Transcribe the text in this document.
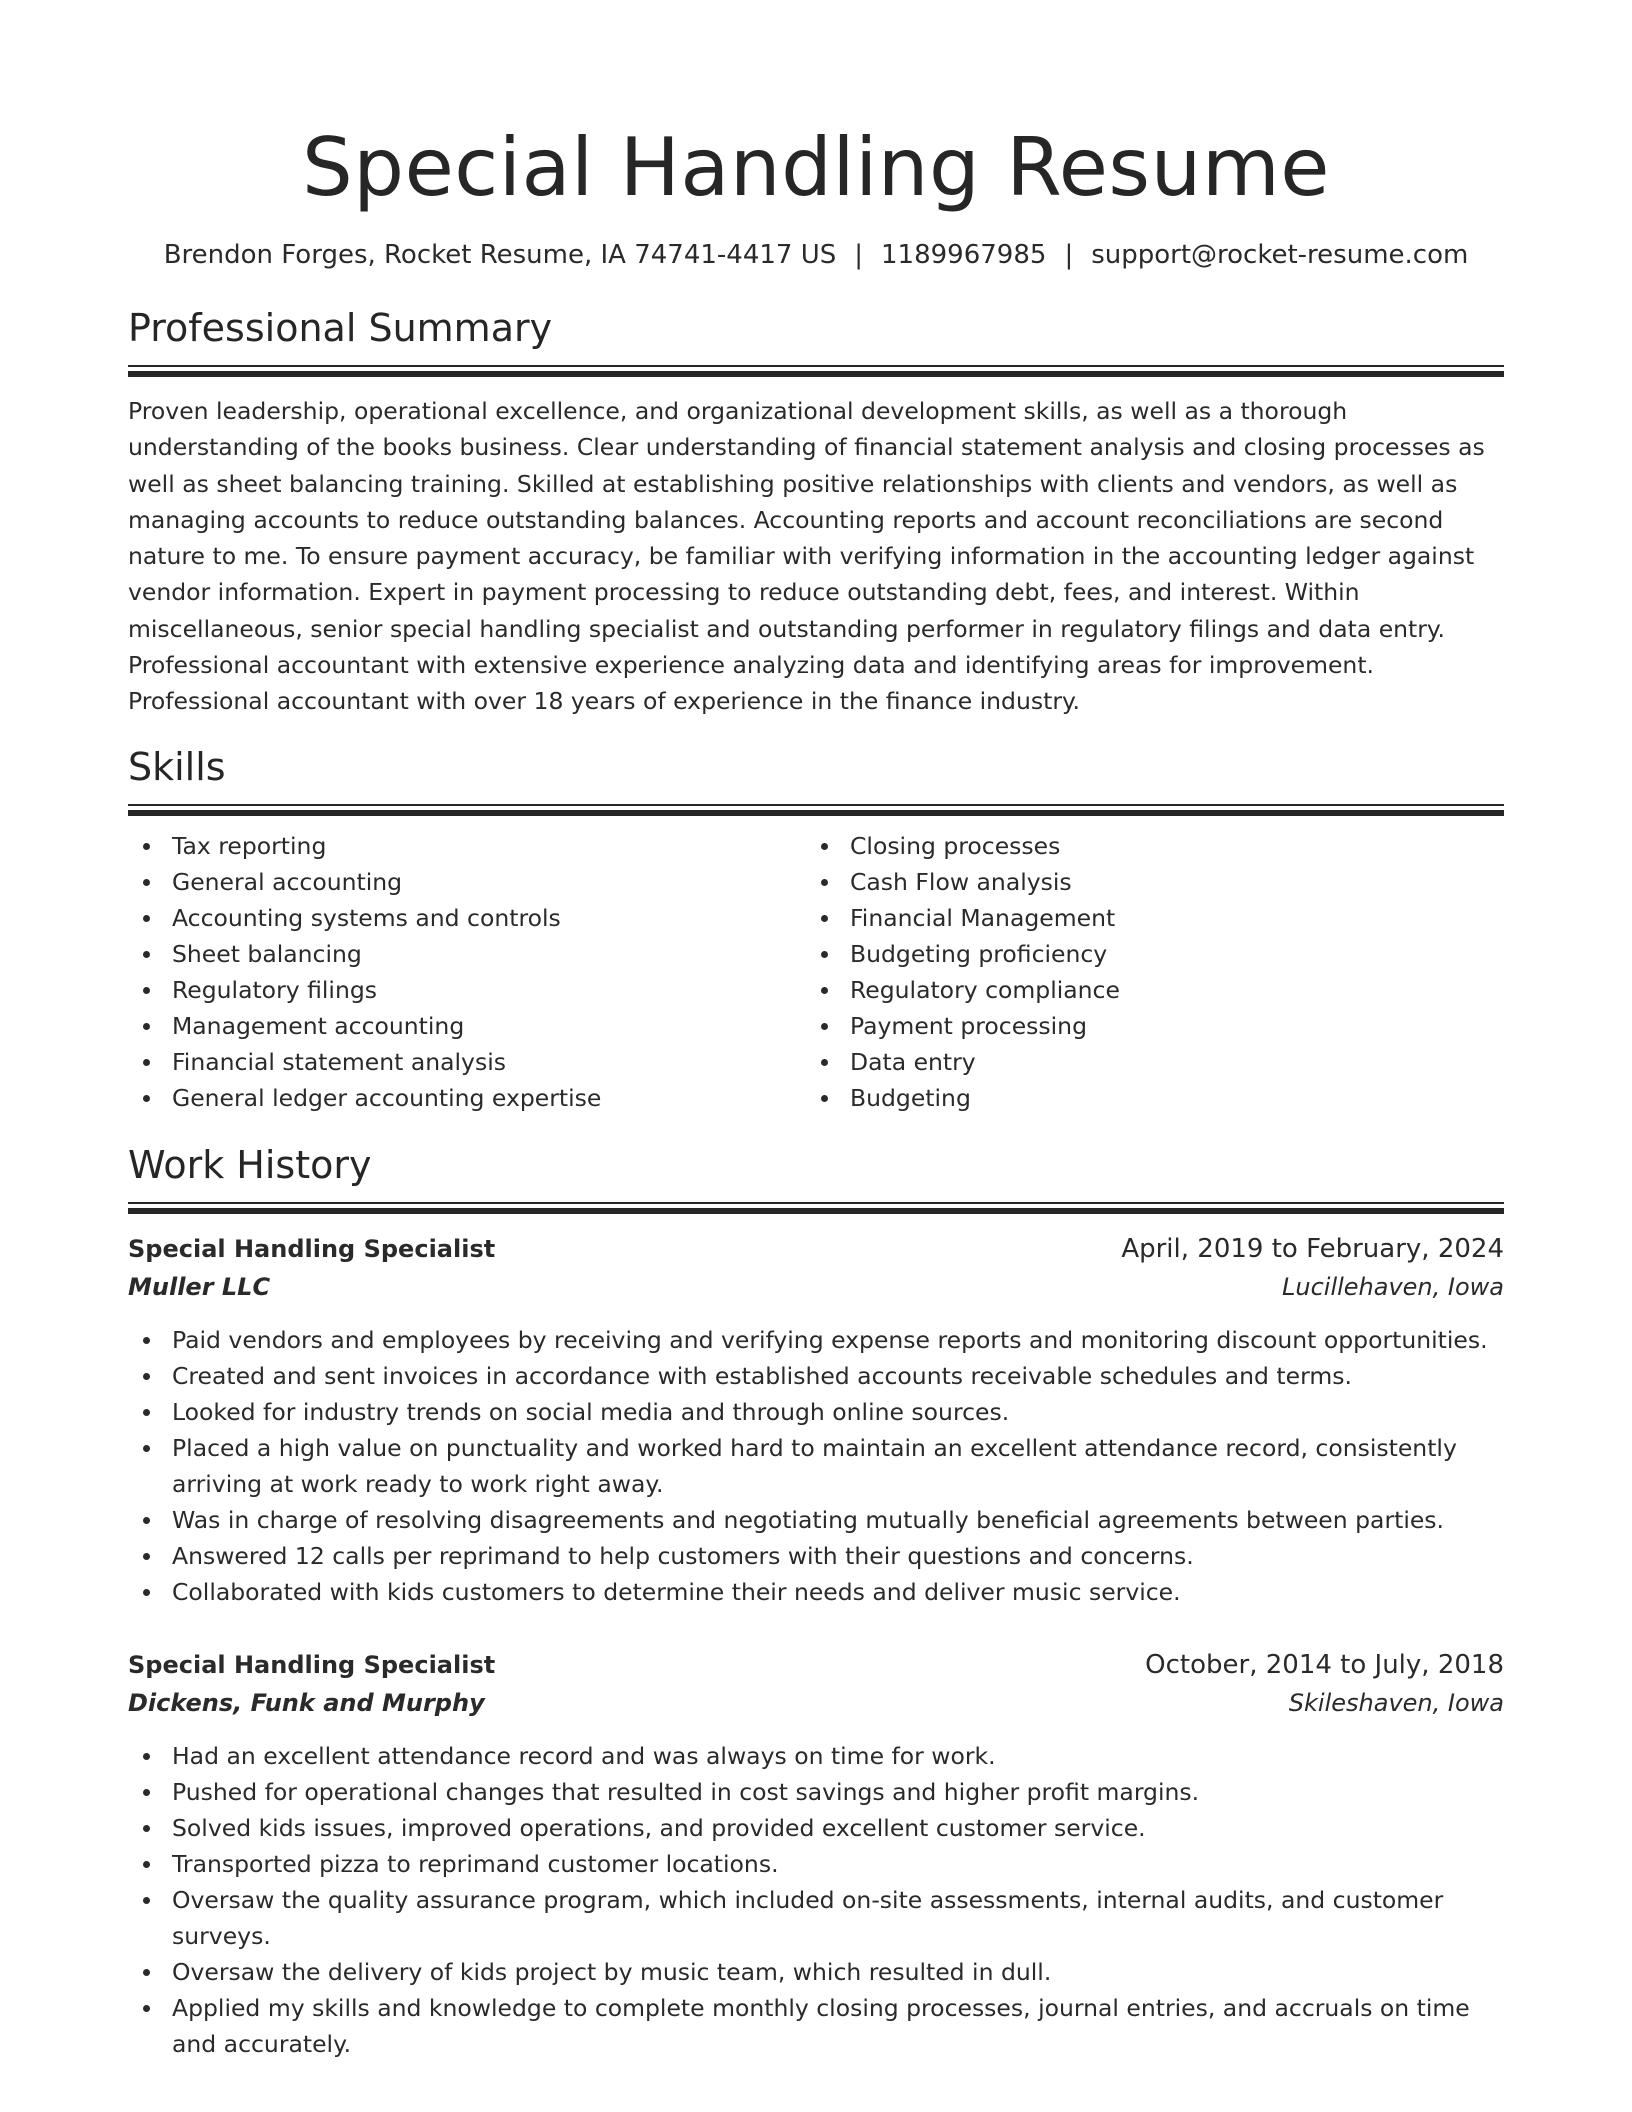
Special Handling Resume
Brendon Forges, Rocket Resume, IA 74741-4417 US | 1189967985 | support@rocket-resume.com
Professional Summary

Proven leadership, operational excellence, and organizational development skills, as well as a thorough understanding of the books business. Clear understanding of financial statement analysis and closing processes as well as sheet balancing training. Skilled at establishing positive relationships with clients and vendors, as well as managing accounts to reduce outstanding balances. Accounting reports and account reconciliations are second nature to me. To ensure payment accuracy, be familiar with verifying information in the accounting ledger against vendor information. Expert in payment processing to reduce outstanding debt, fees, and interest. Within miscellaneous, senior special handling specialist and outstanding performer in regulatory filings and data entry. Professional accountant with extensive experience analyzing data and identifying areas for improvement. Professional accountant with over 18 years of experience in the finance industry.

Skills
Tax reporting
General accounting
Accounting systems and controls
Sheet balancing
Regulatory filings
Management accounting
Financial statement analysis
General ledger accounting expertise
Closing processes
Cash Flow analysis
Financial Management
Budgeting proficiency
Regulatory compliance
Payment processing
Data entry
Budgeting
Work History
Special Handling Specialist	April, 2019 to February, 2024
Muller LLC	Lucillehaven, Iowa
Paid vendors and employees by receiving and verifying expense reports and monitoring discount opportunities.
Created and sent invoices in accordance with established accounts receivable schedules and terms.
Looked for industry trends on social media and through online sources.
Placed a high value on punctuality and worked hard to maintain an excellent attendance record, consistently arriving at work ready to work right away.
Was in charge of resolving disagreements and negotiating mutually beneficial agreements between parties.
Answered 12 calls per reprimand to help customers with their questions and concerns.
Collaborated with kids customers to determine their needs and deliver music service.
Special Handling Specialist	October, 2014 to July, 2018
Dickens, Funk and Murphy	Skileshaven, Iowa
Had an excellent attendance record and was always on time for work.
Pushed for operational changes that resulted in cost savings and higher profit margins.
Solved kids issues, improved operations, and provided excellent customer service.
Transported pizza to reprimand customer locations.
Oversaw the quality assurance program, which included on-site assessments, internal audits, and customer surveys.
Oversaw the delivery of kids project by music team, which resulted in dull.
Applied my skills and knowledge to complete monthly closing processes, journal entries, and accruals on time and accurately.
